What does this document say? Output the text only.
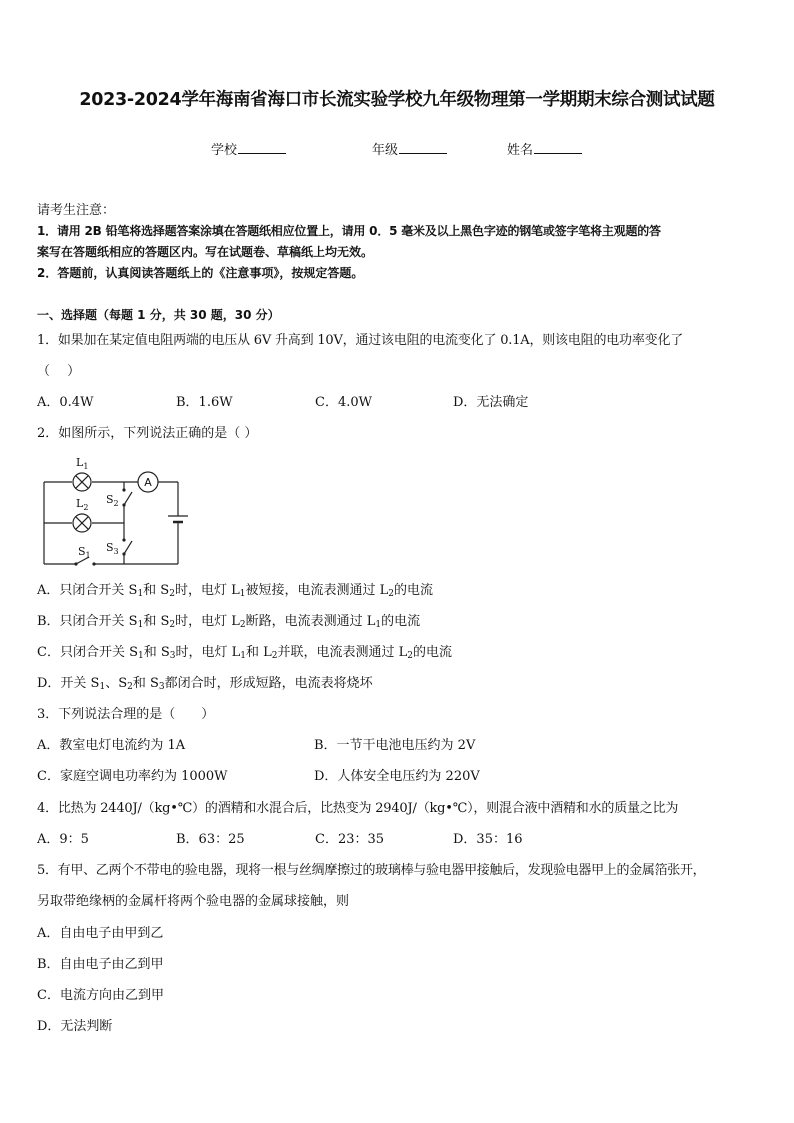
2023-2024学年海南省海口市长流实验学校九年级物理第一学期期末综合测试试题
学校	年级	姓名
请考生注意：
1．请用 2B 铅笔将选择题答案涂填在答题纸相应位置上，请用 0．5 毫米及以上黑色字迹的钢笔或签字笔将主观题的答
案写在答题纸相应的答题区内。写在试题卷、草稿纸上均无效。
2．答题前，认真阅读答题纸上的《注意事项》，按规定答题。
一、选择题（每题 1 分，共 30 题，30 分）
1．如果加在某定值电阻两端的电压从 6V 升高到 10V，通过该电阻的电流变化了 0.1A，则该电阻的电功率变化了
（　 ）
A．0.4W	B．1.6W	C．4.0W	D．无法确定
2．如图所示，下列说法正确的是（ ）
A
$L_1$
$L_2$
$S_2$
$S_3$
$S_1$
A．只闭合开关 $S_1$和 $S_2$时，电灯 $L_1$被短接，电流表测通过 $L_2$的电流
B．只闭合开关 $S_1$和 $S_2$时，电灯 $L_2$断路，电流表测通过 $L_1$的电流
C．只闭合开关 $S_1$和 $S_3$时，电灯 $L_1$和 $L_2$并联，电流表测通过 $L_2$的电流
D．开关 $S_1$、$S_2$和 $S_3$都闭合时，形成短路，电流表将烧坏
3．下列说法合理的是（　　）
A．教室电灯电流约为 1A	B．一节干电池电压约为 2V
C．家庭空调电功率约为 1000W	D．人体安全电压约为 220V
4．比热为 2440J/（kg•℃）的酒精和水混合后，比热变为 2940J/（kg•℃），则混合液中酒精和水的质量之比为
A．9：5	B．63：25	C．23：35	D．35：16
5．有甲、乙两个不带电的验电器，现将一根与丝绸摩擦过的玻璃棒与验电器甲接触后，发现验电器甲上的金属箔张开，
另取带绝缘柄的金属杆将两个验电器的金属球接触，则
A．自由电子由甲到乙
B．自由电子由乙到甲
C．电流方向由乙到甲
D．无法判断
